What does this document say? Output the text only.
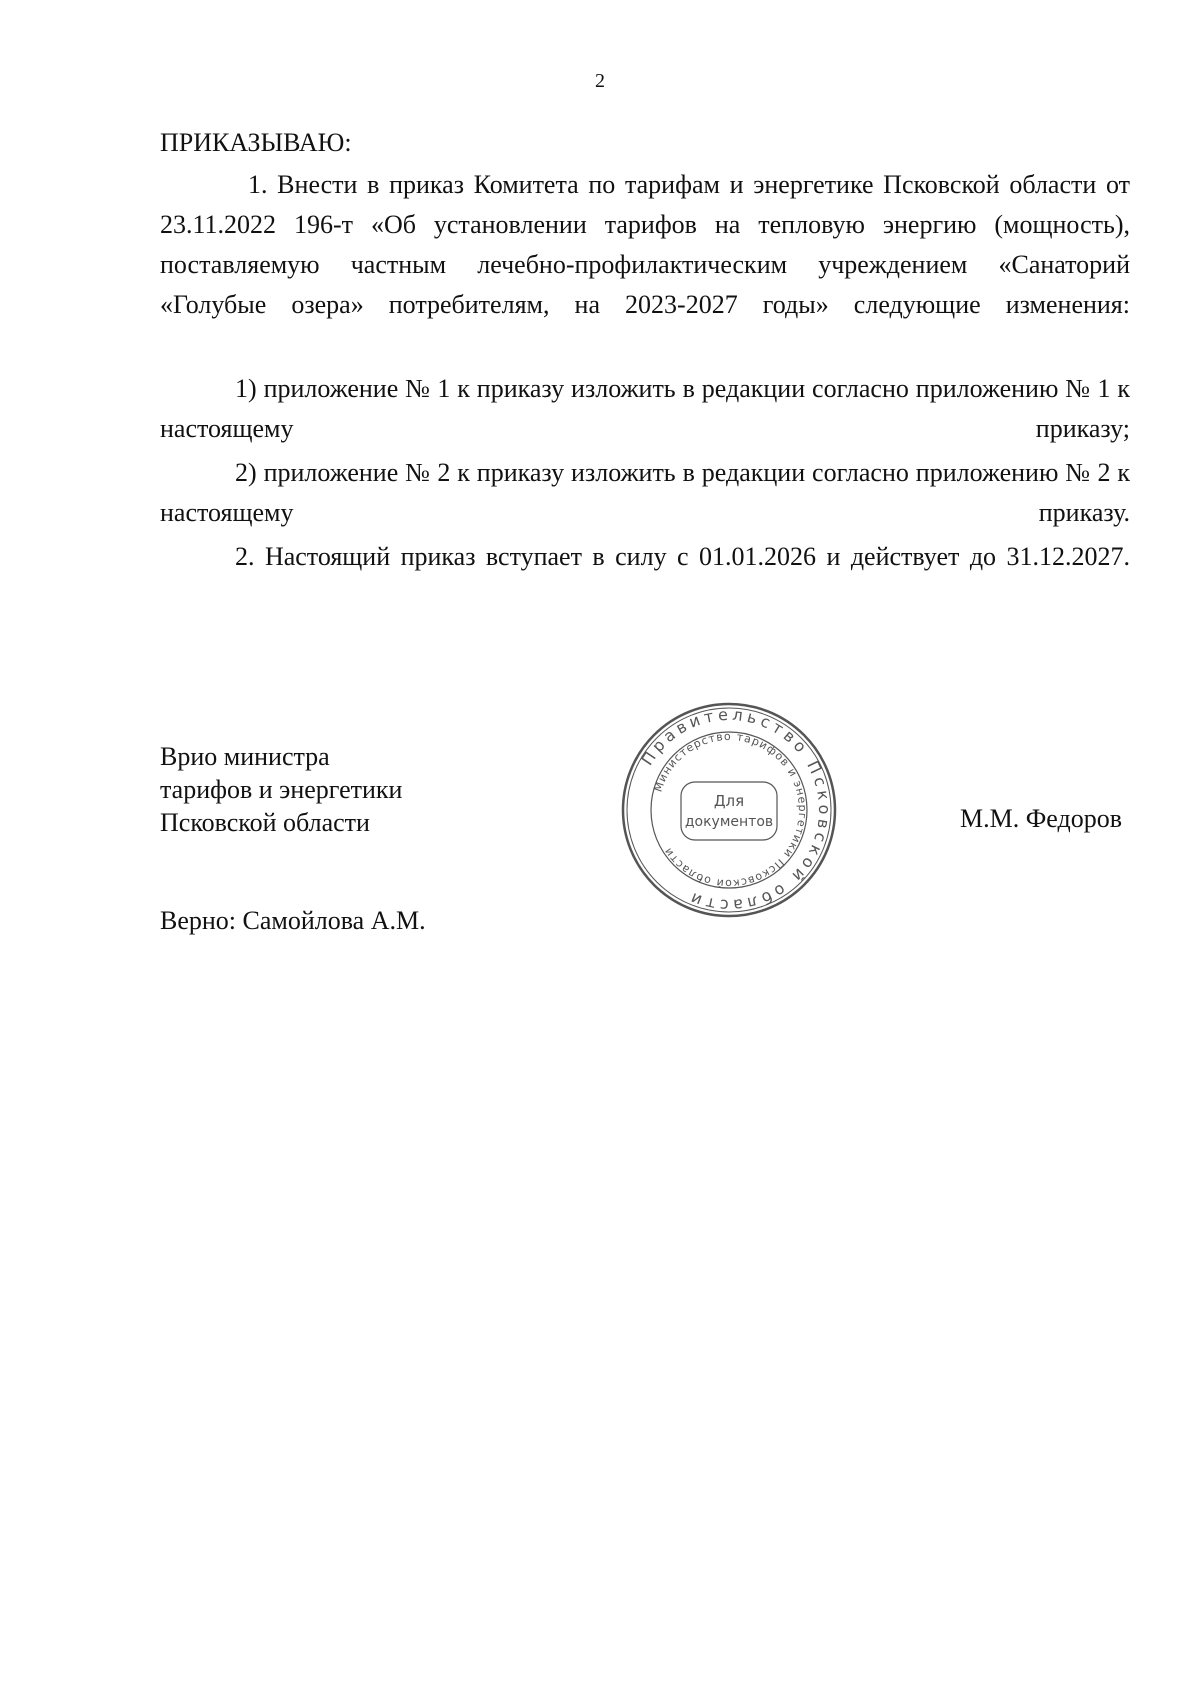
2
ПРИКАЗЫВАЮ:
1. Внести в приказ Комитета по тарифам и энергетике Псковской области от 23.11.2022 196-т «Об установлении тарифов на тепловую энергию (мощность), поставляемую частным лечебно-профилактическим учреждением «Санаторий «Голубые озера» потребителям, на 2023-2027 годы» следующие изменения:
1) приложение № 1 к приказу изложить в редакции согласно приложению № 1 к настоящему приказу;
2) приложение № 2 к приказу изложить в редакции согласно приложению № 2 к настоящему приказу.
2. Настоящий приказ вступает в силу с 01.01.2026 и действует до 31.12.2027.
Врио министра
тарифов и энергетики
Псковской области
Правительство Псковской области
Министерство тарифов и энергетики Псковской области
Для
документов	М.М. Федоров
Верно: Самойлова А.М.
